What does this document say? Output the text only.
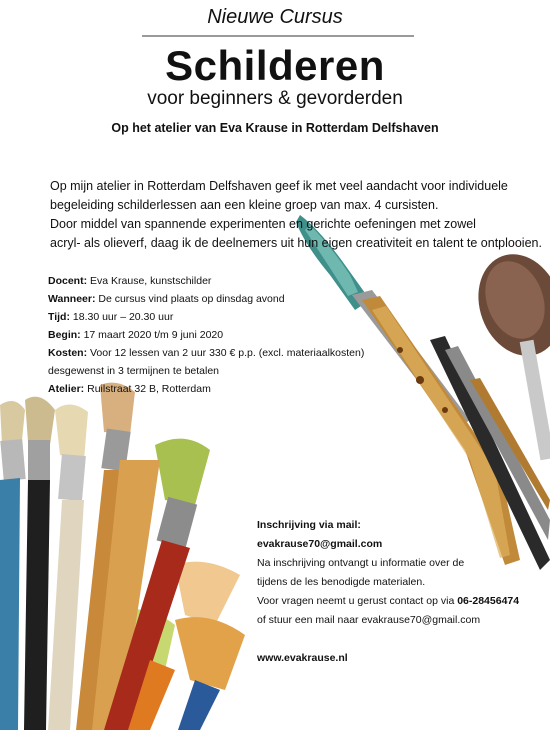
Nieuwe Cursus
Schilderen
voor beginners & gevorderden
Op het atelier van Eva Krause in Rotterdam Delfshaven
Op mijn atelier in Rotterdam Delfshaven geef ik met veel aandacht voor individuele
begeleiding schilderlessen aan een kleine groep van max. 4 cursisten.
Door middel van spannende experimenten en gerichte oefeningen met zowel
acryl- als olieverf, daag ik de deelnemers uit hun eigen creativiteit en talent te ontplooien.
Docent: Eva Krause, kunstschilder
Wanneer: De cursus vind plaats op dinsdag avond
Tijd: 18.30 uur – 20.30 uur
Begin: 17 maart 2020 t/m 9 juni 2020
Kosten: Voor 12 lessen van 2 uur 330 € p.p. (excl. materiaalkosten)
desgewenst in 3 termijnen te betalen
Atelier: Ruilstraat 32 B, Rotterdam
Inschrijving via mail:
evakrause70@gmail.com
Na inschrijving ontvangt u informatie over de
tijdens de les benodigde materialen.
Voor vragen neemt u gerust contact op via 06-28456474
of stuur een mail naar evakrause70@gmail.com
www.evakrause.nl
